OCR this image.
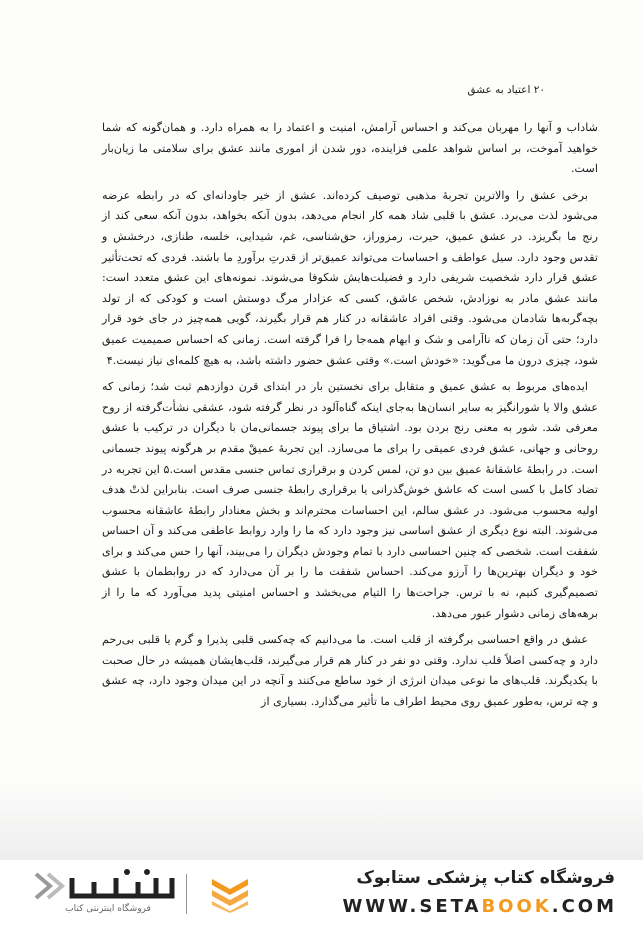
۲۰ اعتیاد به عشق

شاداب و آنها را مهربان می‌کند و احساس آرامش، امنیت و اعتماد را به همراه دارد. و همان‌گونه که شما خواهید آموخت، بر اساس شواهد علمی فزاینده، دور شدن از اموری مانند عشق برای سلامتی ما زیان‌بار است.

برخی عشق را والاترین تجربهٔ مذهبی توصیف کرده‌اند. عشق از خیر جاودانه‌ای که در رابطه عرضه می‌شود لذت می‌برد. عشق با قلبی شاد همه کار انجام می‌دهد، بدون آنکه بخواهد، بدون آنکه سعی کند از رنج ما بگریزد. در عشق عمیق، حیرت، رمزوراز، حق‌شناسی، غم، شیدایی، خلسه، طنازی، درخشش و تقدس وجود دارد. سیل عواطف و احساسات می‌تواند عمیق‌تر از قدرتِ برآوردِ ما باشند. فردی که تحت‌تأثیر عشق قرار دارد شخصیت شریفی دارد و فضیلت‌هایش شکوفا می‌شوند. نمونه‌های این عشق متعدد است: مانند عشق مادر به نوزادش، شخص عاشق، کسی که عزادار مرگ دوستش است و کودکی که از تولد بچه‌گربه‌ها شادمان می‌شود. وقتی افراد عاشقانه در کنار هم قرار بگیرند، گویی همه‌چیز در جای خود قرار دارد؛ حتی آن زمان که ناآرامی و شک و ابهام همه‌جا را فرا گرفته است. زمانی که احساس صمیمیت عمیق شود، چیزی درون ما می‌گوید: «خودش است.» وقتی عشق حضور داشته باشد، به هیچ کلمه‌ای نیاز نیست.۴

ایده‌های مربوط به عشق عمیق و متقابل برای نخستین بار در ابتدای قرن دوازدهم ثبت شد؛ زمانی که عشق والا یا شورانگیز به سایر انسان‌ها به‌جای اینکه گناه‌آلود در نظر گرفته شود، عشقی نشأت‌گرفته از روح معرفی شد. شور به معنی رنج بردن بود. اشتیاق ما برای پیوند جسمانی‌مان با دیگران در ترکیب با عشق روحانی و جهانی، عشق فردی عمیقی را برای ما می‌سازد. این تجربهٔ عمیقْ مقدم بر هرگونه پیوند جسمانی است. در رابطهٔ عاشقانهٔ عمیق بین دو تن، لمس کردن و برقراری تماس جنسی مقدس است.۵ این تجربه در تضاد کامل با کسی است که عاشق خوش‌گذرانی یا برقراری رابطهٔ جنسی صرف است. بنابراین لذتْ هدف اولیه محسوب می‌شود. در عشق سالم، این احساسات محترم‌اند و بخش معنادار رابطهٔ عاشقانه محسوب می‌شوند. البته نوع دیگری از عشق اساسی نیز وجود دارد که ما را وارد روابط عاطفی می‌کند و آن احساس شفقت است. شخصی که چنین احساسی دارد با تمام وجودش دیگران را می‌بیند، آنها را حس می‌کند و برای خود و دیگران بهترین‌ها را آرزو می‌کند. احساس شفقت ما را بر آن می‌دارد که در روابطمان با عشق تصمیم‌گیری کنیم، نه با ترس. جراحت‌ها را التیام می‌بخشد و احساس امنیتی پدید می‌آورد که ما را از برهه‌های زمانی دشوار عبور می‌دهد.

عشق در واقع احساسی برگرفته از قلب است. ما می‌دانیم که چه‌کسی قلبی پذیرا و گرم یا قلبی بی‌رحم دارد و چه‌کسی اصلاً قلب ندارد. وقتی دو نفر در کنار هم قرار می‌گیرند، قلب‌هایشان همیشه در حال صحبت با یکدیگرند. قلب‌های ما نوعی میدان انرژی از خود ساطع می‌کنند و آنچه در این میدان وجود دارد، چه عشق و چه ترس، به‌طور عمیق روی محیط اطراف ما تأثیر می‌گذارد. بسیاری از

فروشگاه کتاب پزشکی ستابوک
WWW.SETABOOK.COM
فروشگاه اینترنتی کتاب
